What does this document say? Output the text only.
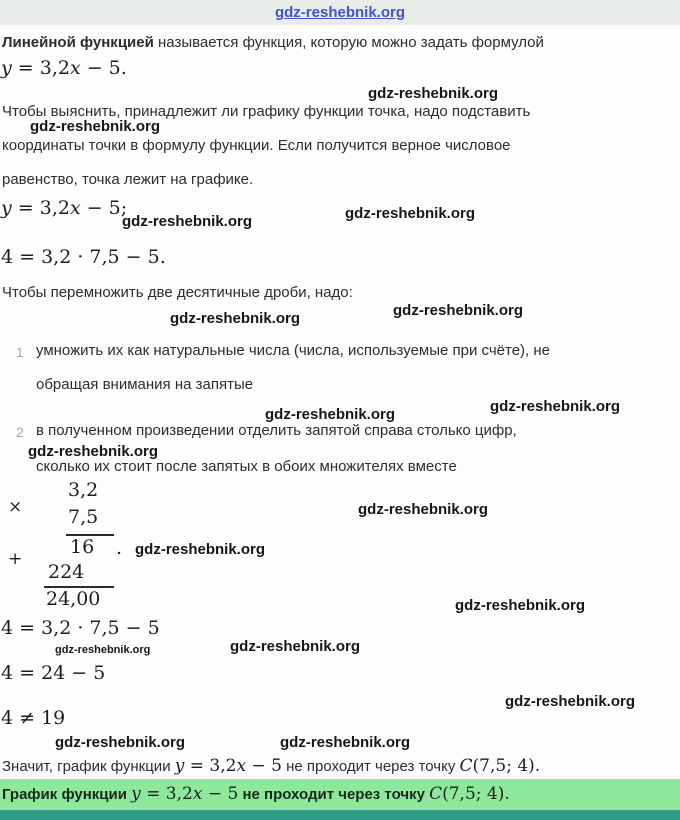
gdz-reshebnik.org

Линейной функцией называется функция, которую можно задать формулой

y = 3,2x − 5.

gdz-reshebnik.org

Чтобы выяснить, принадлежит ли графику функции точка, надо подставить

gdz-reshebnik.org

координаты точки в формулу функции. Если получится верное числовое

равенство, точка лежит на графике.

y = 3,2x − 5;

gdz-reshebnik.org	gdz-reshebnik.org

4 = 3,2 · 7,5 − 5.

Чтобы перемножить две десятичные дроби, надо:

gdz-reshebnik.org	gdz-reshebnik.org
1 умножить их как натуральные числа (числа, используемые при счёте), не

обращая внимания на запятые

gdz-reshebnik.org	gdz-reshebnik.org
2 в полученном произведении отделить запятой справа столько цифр,

gdz-reshebnik.org

сколько их стоит после запятых в обоих множителях вместе

×
3,2
7,5
16	. gdz-reshebnik.org
gdz-reshebnik.org
+
224
24,00	gdz-reshebnik.org

4 = 3,2 · 7,5 − 5

gdz-reshebnik.org	gdz-reshebnik.org

4 = 24 − 5

gdz-reshebnik.org

4 ≠ 19

gdz-reshebnik.org	gdz-reshebnik.org

Значит, график функции y = 3,2x − 5 не проходит через точку C(7,5; 4).

График функции y = 3,2x − 5 не проходит через точку C(7,5; 4).
